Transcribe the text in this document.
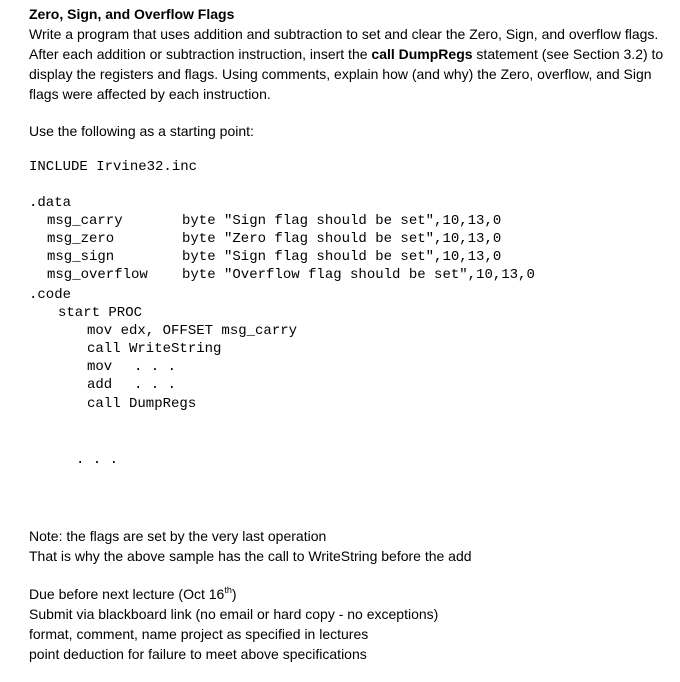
Zero, Sign, and Overflow Flags
Write a program that uses addition and subtraction to set and clear the Zero, Sign, and overflow flags. After each addition or subtraction instruction, insert the call DumpRegs statement (see Section 3.2) to display the registers and flags. Using comments, explain how (and why) the Zero, overflow, and Sign flags were affected by each instruction.
Use the following as a starting point:
INCLUDE Irvine32.inc
.data
msg_carry	byte "Sign flag should be set",10,13,0
msg_zero	byte "Zero flag should be set",10,13,0
msg_sign	byte "Sign flag should be set",10,13,0
msg_overflow byte "Overflow flag should be set",10,13,0
.code
start PROC
mov edx, OFFSET msg_carry
call WriteString
mov . . .
add . . .
call DumpRegs
. . .
Note: the flags are set by the very last operation
That is why the above sample has the call to WriteString before the add
Due before next lecture (Oct 16th)
Submit via blackboard link (no email or hard copy - no exceptions)
format, comment, name project as specified in lectures
point deduction for failure to meet above specifications
